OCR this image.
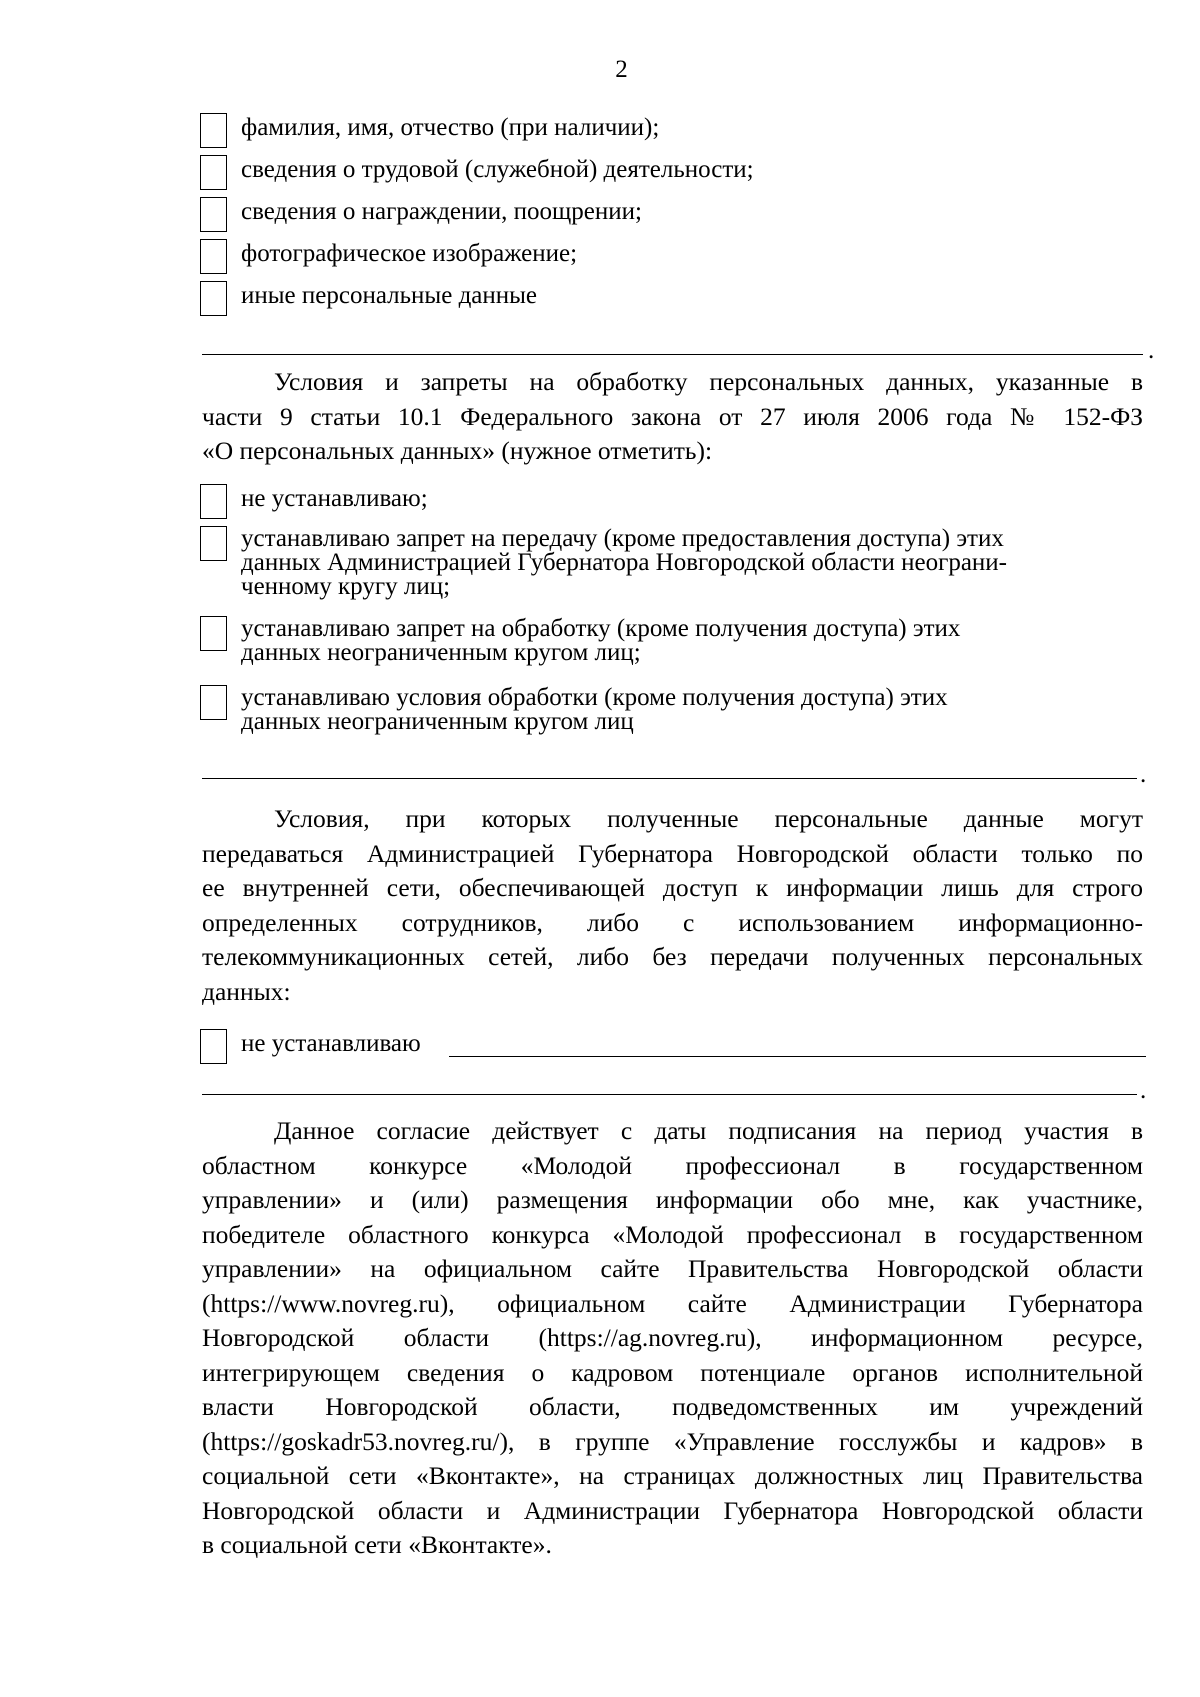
2
фамилия, имя, отчество (при наличии);
сведения о трудовой (служебной) деятельности;
сведения о награждении, поощрении;
фотографическое изображение;
иные персональные данные
.
Условия и запреты на обработку персональных данных, указанные в
части 9 статьи 10.1 Федерального закона от 27 июля 2006 года № 152-ФЗ
«О персональных данных» (нужное отметить):
не устанавливаю;
устанавливаю запрет на передачу (кроме предоставления доступа) этих
данных Администрацией Губернатора Новгородской области неограни-
ченному кругу лиц;
устанавливаю запрет на обработку (кроме получения доступа) этих
данных неограниченным кругом лиц;
устанавливаю условия обработки (кроме получения доступа) этих
данных неограниченным кругом лиц
.
Условия, при которых полученные персональные данные могут
передаваться Администрацией Губернатора Новгородской области только по
ее внутренней сети, обеспечивающей доступ к информации лишь для строго
определенных сотрудников, либо с использованием информационно-
телекоммуникационных сетей, либо без передачи полученных персональных
данных:
не устанавливаю
.
Данное согласие действует с даты подписания на период участия в
областном конкурсе «Молодой профессионал в государственном
управлении» и (или) размещения информации обо мне, как участнике,
победителе областного конкурса «Молодой профессионал в государственном
управлении» на официальном сайте Правительства Новгородской области
(https://www.novreg.ru), официальном сайте Администрации Губернатора
Новгородской области (https://ag.novreg.ru), информационном ресурсе,
интегрирующем сведения о кадровом потенциале органов исполнительной
власти Новгородской области, подведомственных им учреждений
(https://goskadr53.novreg.ru/), в группе «Управление госслужбы и кадров» в
социальной сети «Вконтакте», на страницах должностных лиц Правительства
Новгородской области и Администрации Губернатора Новгородской области
в социальной сети «Вконтакте».
